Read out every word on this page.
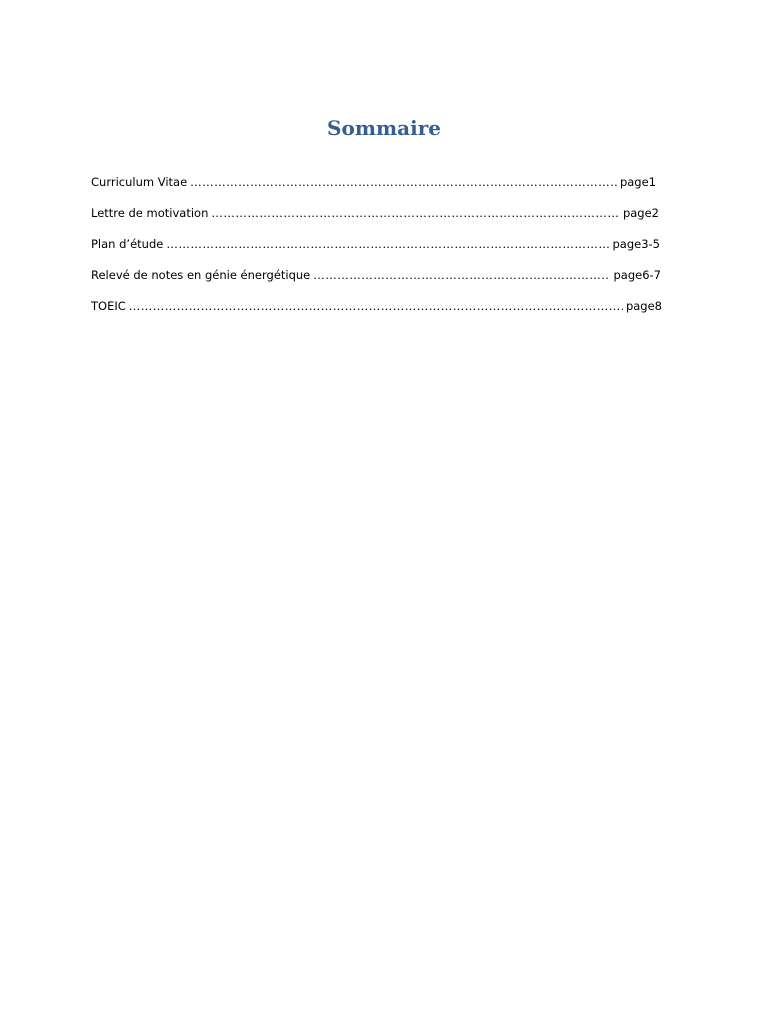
Sommaire
Curriculum Vitae ………………………………………………………………………………………………………………………………………………………………………………………………………………	page1
Lettre de motivation ………………………………………………………………………………………………………………………………………………………………………………………………………………	page2
Plan d’étude ………………………………………………………………………………………………………………………………………………………………………………………………………………	page3-5
Relevé de notes en génie énergétique ………………………………………………………………………………………………………………………………………………………………………………………………………………	page6-7
TOEIC ………………………………………………………………………………………………………………………………………………………………………………………………………………	page8
